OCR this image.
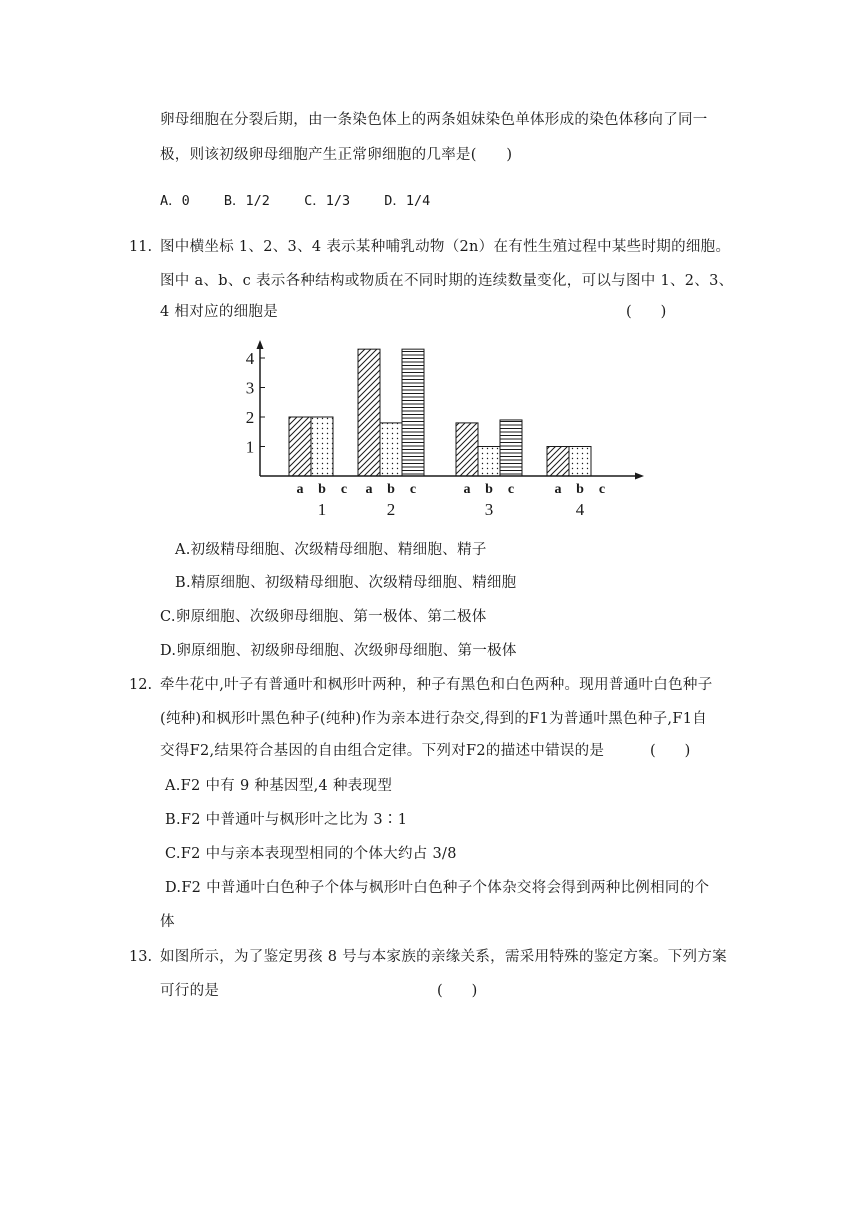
卵母细胞在分裂后期，由一条染色体上的两条姐妹染色单体形成的染色体移向了同一
极，则该初级卵母细胞产生正常卵细胞的几率是(　　)
A．0	B．1/2	C．1/3	D．1/4
11. 图中横坐标 1、2、3、4 表示某种哺乳动物（2n）在有性生殖过程中某些时期的细胞。
图中 a、b、c 表示各种结构或物质在不同时期的连续数量变化，可以与图中 1、2、3、
4 相对应的细胞是	(　　)
1
2
3
4
a b c
1
a b c
2
a b c
3
a b c
4
A.初级精母细胞、次级精母细胞、精细胞、精子
B.精原细胞、初级精母细胞、次级精母细胞、精细胞
C.卵原细胞、次级卵母细胞、第一极体、第二极体
D.卵原细胞、初级卵母细胞、次级卵母细胞、第一极体
12. 牵牛花中,叶子有普通叶和枫形叶两种，种子有黑色和白色两种。现用普通叶白色种子
(纯种)和枫形叶黑色种子(纯种)作为亲本进行杂交,得到的F1为普通叶黑色种子,F1自
交得F2,结果符合基因的自由组合定律。下列对F2的描述中错误的是	(　　)
A.F2 中有 9 种基因型,4 种表现型
B.F2 中普通叶与枫形叶之比为 3∶1
C.F2 中与亲本表现型相同的个体大约占 3/8
D.F2 中普通叶白色种子个体与枫形叶白色种子个体杂交将会得到两种比例相同的个
体
13. 如图所示，为了鉴定男孩 8 号与本家族的亲缘关系，需采用特殊的鉴定方案。下列方案
可行的是	(　　)
